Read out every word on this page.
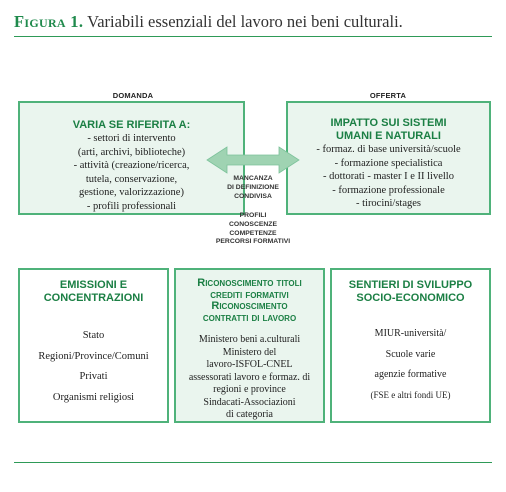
Figura 1. Variabili essenziali del lavoro nei beni culturali.
DOMANDA	OFFERTA
VARIA SE RIFERITA A:
- settori di intervento
(arti, archivi, biblioteche)
- attività (creazione/ricerca,
tutela, conservazione,
gestione, valorizzazione)
- profili professionali
IMPATTO SUI SISTEMI
UMANI E NATURALI
- formaz. di base università/scuole
- formazione specialistica
- dottorati - master I e II livello
- formazione professionale
- tirocini/stages
MANCANZA
DI DEFINIZIONE
CONDIVISA
PROFILI
CONOSCENZE
COMPETENZE
PERCORSI FORMATIVI
EMISSIONI E
CONCENTRAZIONI
Stato
Regioni/Province/Comuni
Privati
Organismi religiosi
Riconoscimento titoli
crediti formativi
Riconoscimento
contratti di lavoro
Ministero beni a.culturali
Ministero del
lavoro-ISFOL-CNEL
assessorati lavoro e formaz. di
regioni e province
Sindacati-Associazioni
di categoria
SENTIERI DI SVILUPPO
SOCIO-ECONOMICO
MIUR-università/
Scuole varie
agenzie formative
(FSE e altri fondi UE)
